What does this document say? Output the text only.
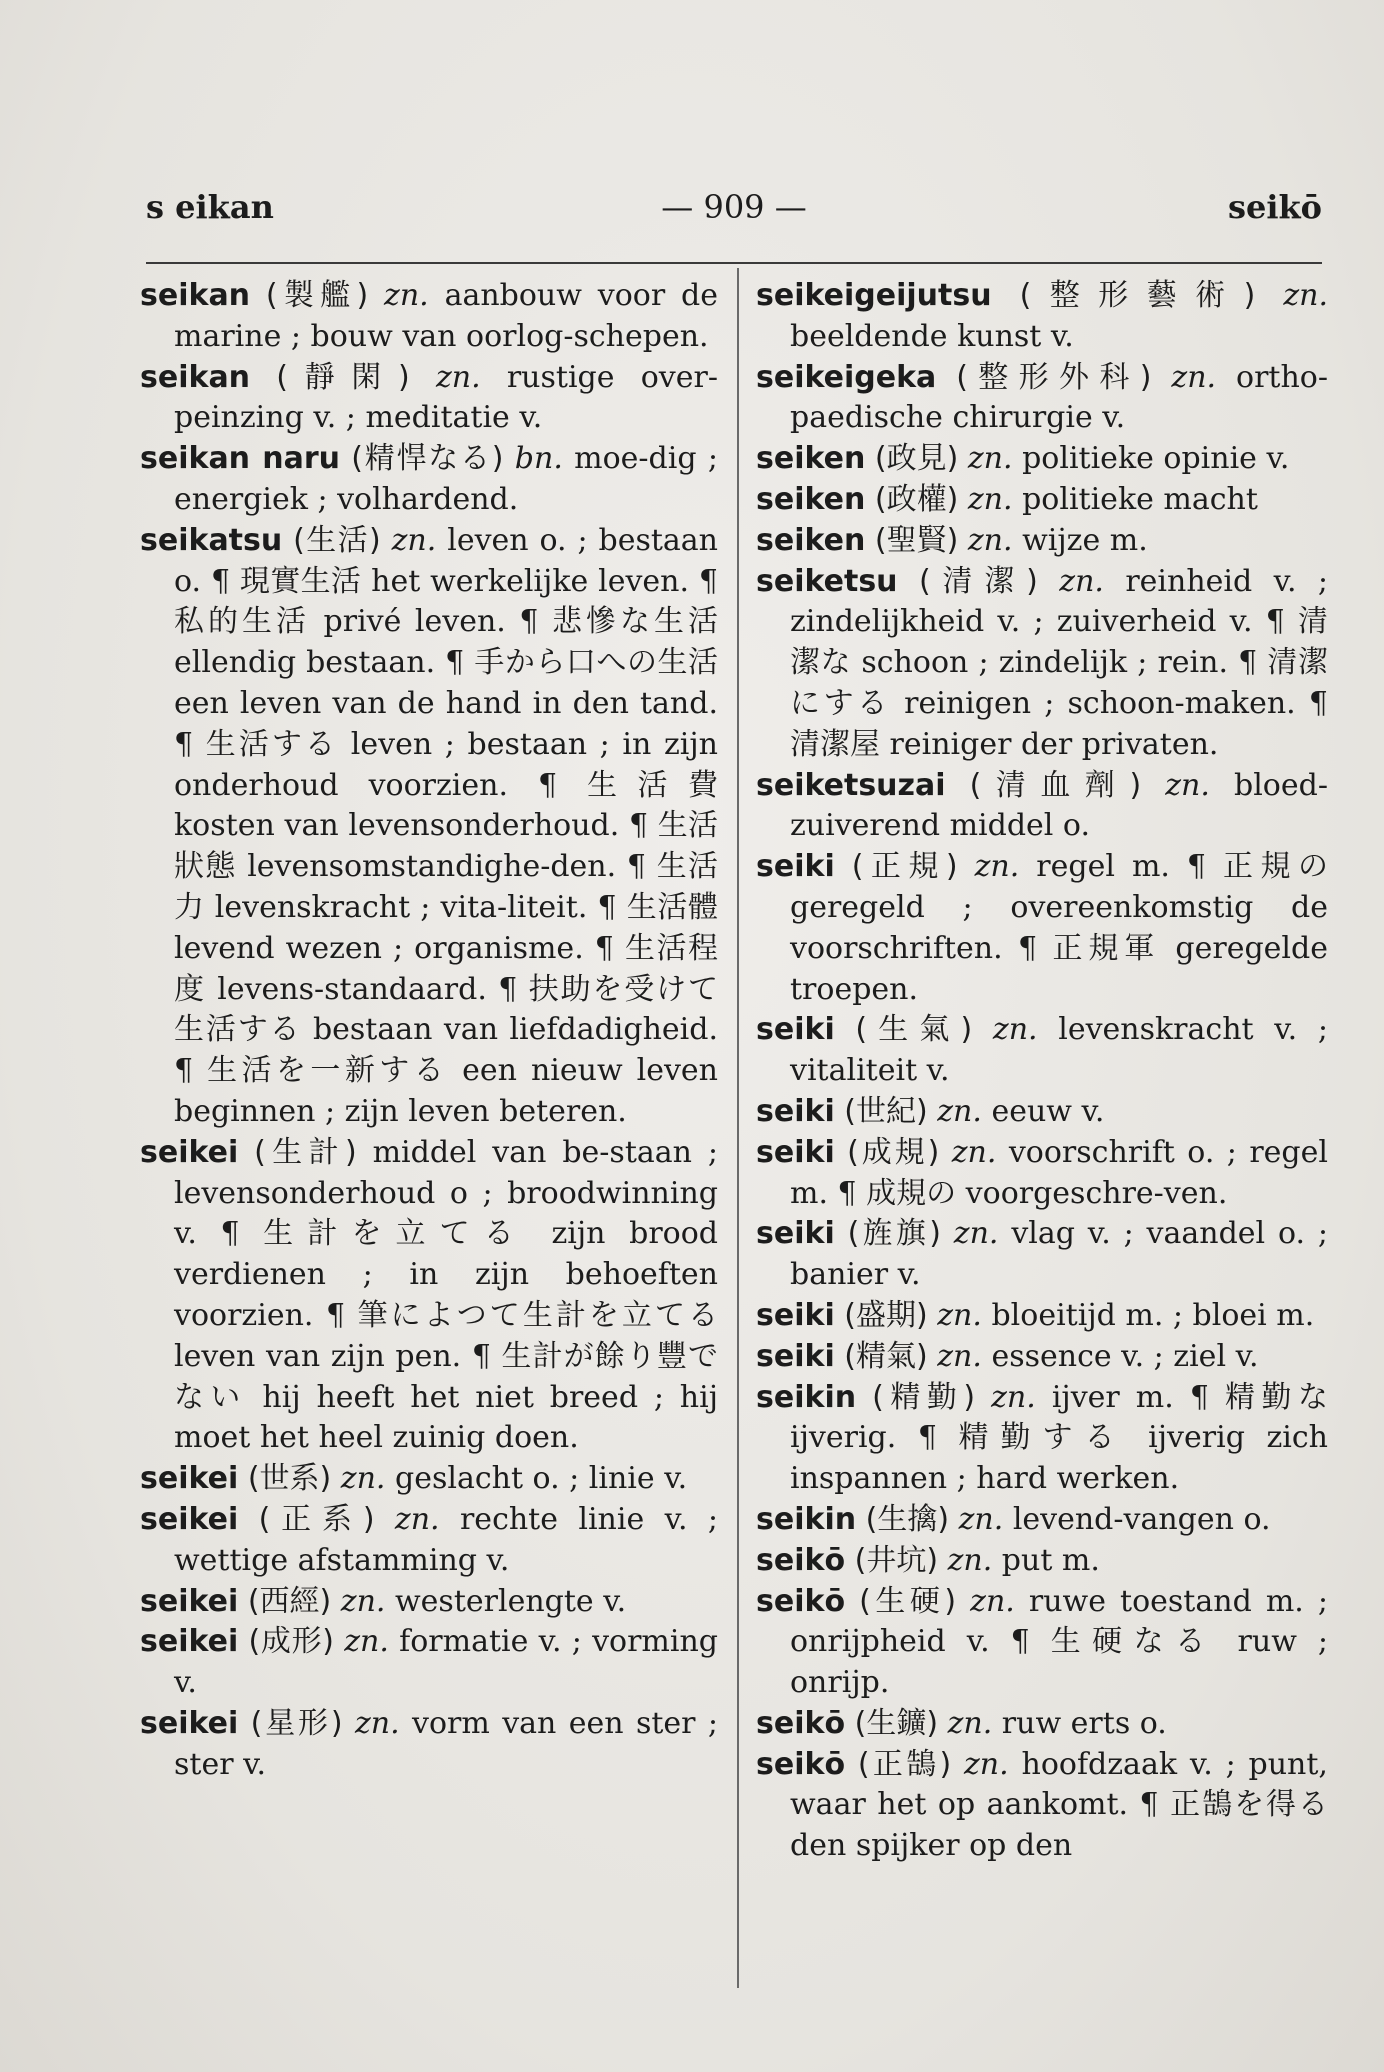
s eikan	— 909 —	seikō

seikan (製艦) zn. aanbouw voor de marine ; bouw van oorlog-schepen.

seikan (靜閑) zn. rustige over-peinzing v. ; meditatie v.

seikan naru (精悍なる) bn. moe-dig ; energiek ; volhardend.

seikatsu (生活) zn. leven o. ; bestaan o. ¶ 現實生活 het werkelijke leven. ¶ 私的生活 privé leven. ¶ 悲慘な生活 ellendig bestaan. ¶ 手から口への生活 een leven van de hand in den tand. ¶ 生活する leven ; bestaan ; in zijn onderhoud voorzien. ¶ 生活費 kosten van levensonderhoud. ¶ 生活狀態 levensomstandighe-den. ¶ 生活力 levenskracht ; vita-liteit. ¶ 生活體 levend wezen ; organisme. ¶ 生活程度 levens-standaard. ¶ 扶助を受けて生活する bestaan van liefdadigheid. ¶ 生活を一新する een nieuw leven beginnen ; zijn leven beteren.

seikei (生計) middel van be-staan ; levensonderhoud o ; broodwinning v. ¶ 生計を立てる zijn brood verdienen ; in zijn behoeften voorzien. ¶ 筆によつて生計を立てる leven van zijn pen. ¶ 生計が餘り豐でない hij heeft het niet breed ; hij moet het heel zuinig doen.

seikei (世系) zn. geslacht o. ; linie v.

seikei (正系) zn. rechte linie v. ; wettige afstamming v.

seikei (西經) zn. westerlengte v.

seikei (成形) zn. formatie v. ; vorming v.

seikei (星形) zn. vorm van een ster ; ster v.

seikeigeijutsu (整形藝術) zn. beeldende kunst v.

seikeigeka (整形外科) zn. ortho-paedische chirurgie v.

seiken (政見) zn. politieke opinie v.

seiken (政權) zn. politieke macht

seiken (聖賢) zn. wijze m.

seiketsu (清潔) zn. reinheid v. ; zindelijkheid v. ; zuiverheid v. ¶ 清潔な schoon ; zindelijk ; rein. ¶ 清潔にする reinigen ; schoon-maken. ¶ 清潔屋 reiniger der privaten.

seiketsuzai (清血劑) zn. bloed-zuiverend middel o.

seiki (正規) zn. regel m. ¶ 正規の geregeld ; overeenkomstig de voorschriften. ¶ 正規軍 geregelde troepen.

seiki (生氣) zn. levenskracht v. ; vitaliteit v.

seiki (世紀) zn. eeuw v.

seiki (成規) zn. voorschrift o. ; regel m. ¶ 成規の voorgeschre-ven.

seiki (旌旗) zn. vlag v. ; vaandel o. ; banier v.

seiki (盛期) zn. bloeitijd m. ; bloei m.

seiki (精氣) zn. essence v. ; ziel v.

seikin (精勤) zn. ijver m. ¶ 精勤な ijverig. ¶ 精勤する ijverig zich inspannen ; hard werken.

seikin (生擒) zn. levend-vangen o.

seikō (井坑) zn. put m.

seikō (生硬) zn. ruwe toestand m. ; onrijpheid v. ¶ 生硬なる ruw ; onrijp.

seikō (生鑛) zn. ruw erts o.

seikō (正鵠) zn. hoofdzaak v. ; punt, waar het op aankomt. ¶ 正鵠を得る den spijker op den
